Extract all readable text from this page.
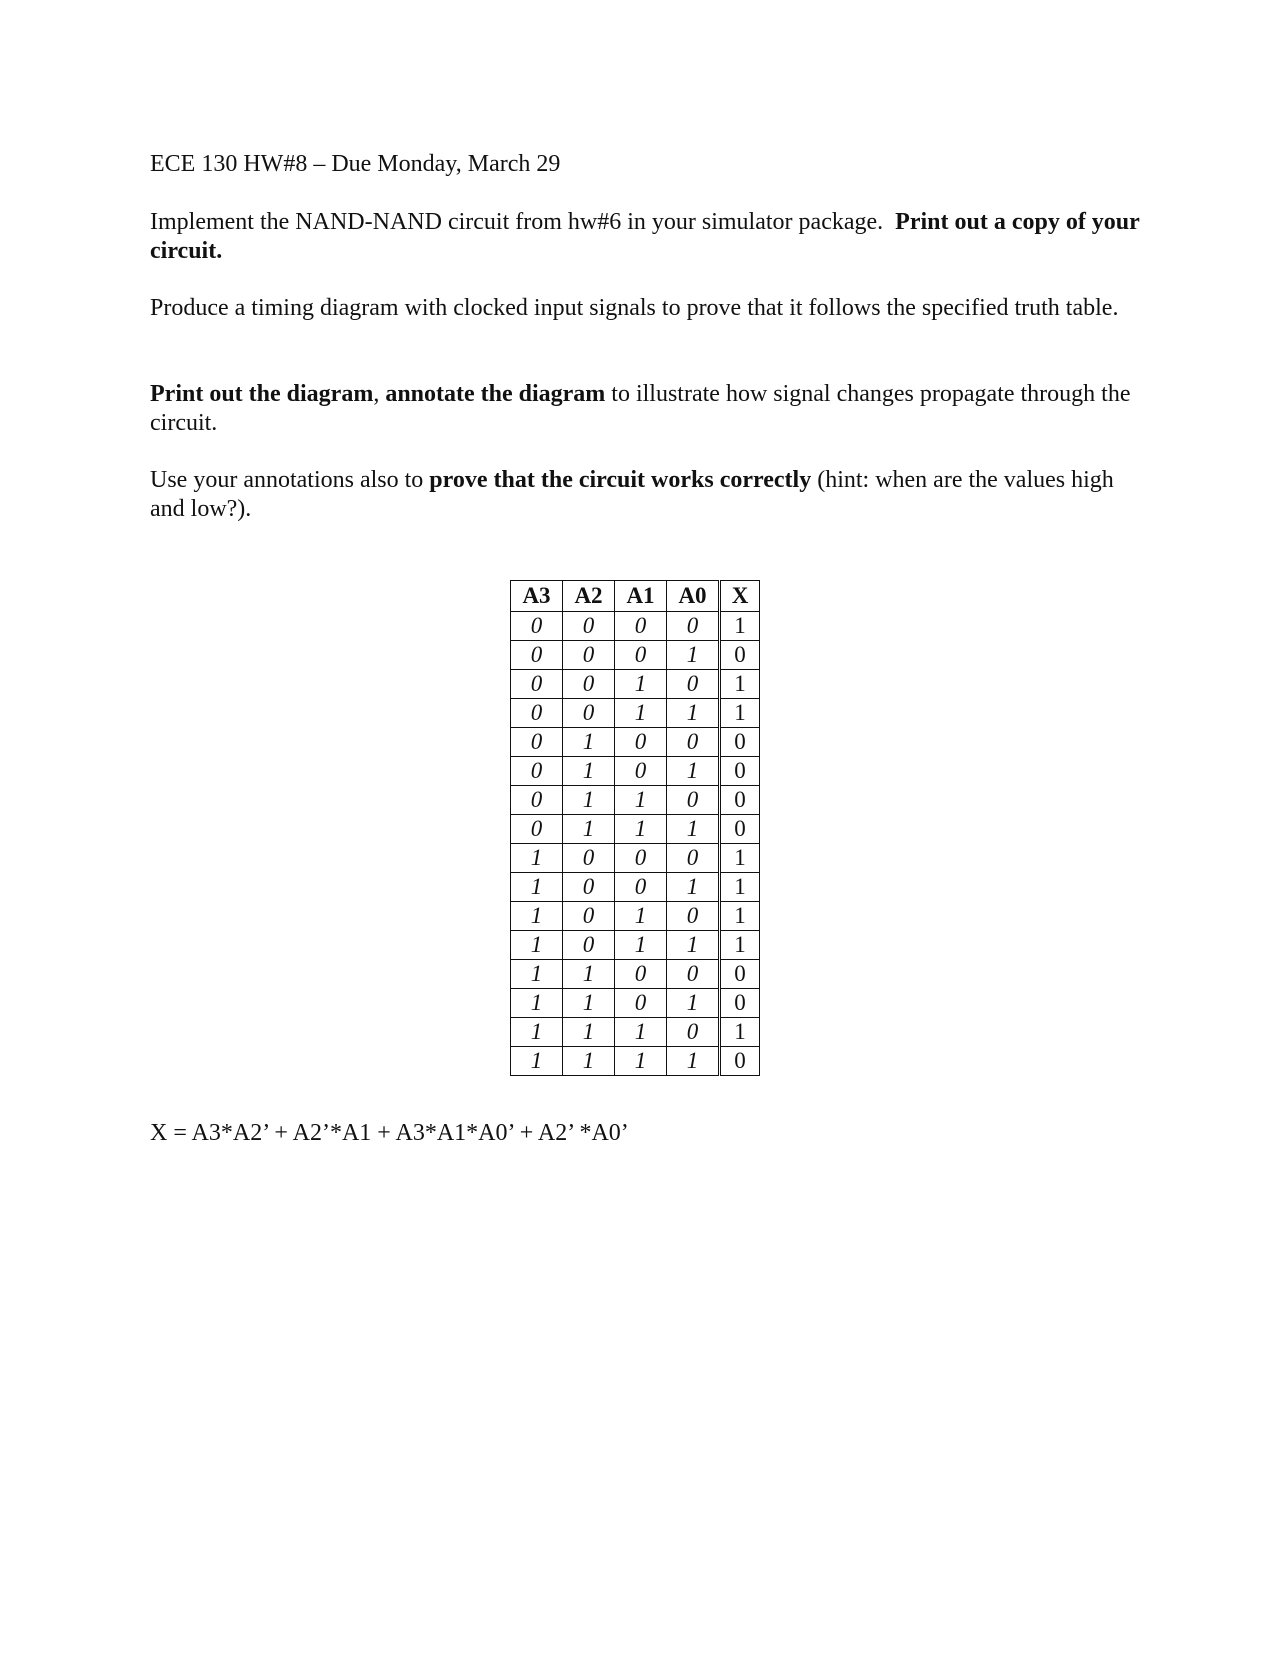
ECE 130 HW#8 – Due Monday, March 29
Implement the NAND-NAND circuit from hw#6 in your simulator package. Print out a copy of your circuit.
Produce a timing diagram with clocked input signals to prove that it follows the specified truth table.
Print out the diagram, annotate the diagram to illustrate how signal changes propagate through the circuit.
Use your annotations also to prove that the circuit works correctly (hint: when are the values high and low?).
A3	A2	A1	A0	X
0	0	0	0	1
0	0	0	1	0
0	0	1	0	1
0	0	1	1	1
0	1	0	0	0
0	1	0	1	0
0	1	1	0	0
0	1	1	1	0
1	0	0	0	1
1	0	0	1	1
1	0	1	0	1
1	0	1	1	1
1	1	0	0	0
1	1	0	1	0
1	1	1	0	1
1	1	1	1	0
X = A3*A2’ + A2’*A1 + A3*A1*A0’ + A2’ *A0’
